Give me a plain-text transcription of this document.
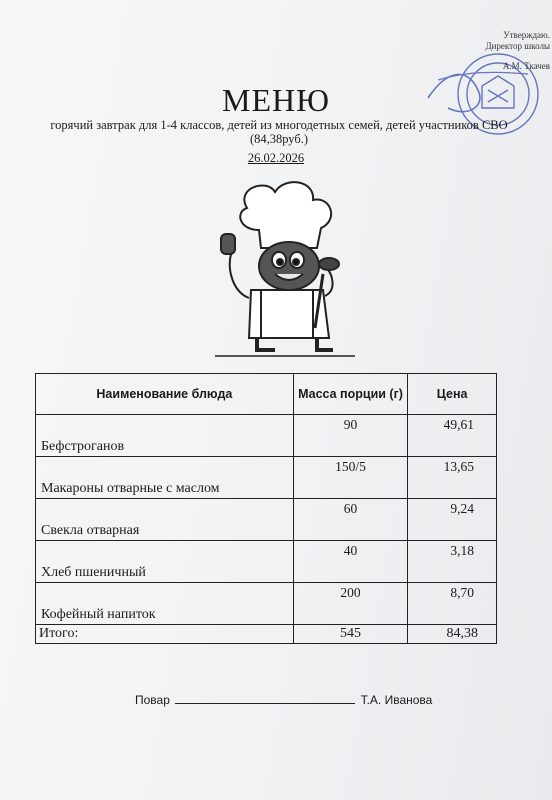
Утверждаю.
Директор школы
А.М. Ткачев
МЕНЮ
горячий завтрак для 1-4 классов, детей из многодетных семей, детей участников СВО (84,38руб.)
26.02.2026
Наименование блюда	Масса порции (г)	Цена
Бефстроганов	90	49,61
Макароны отварные с маслом	150/5	13,65
Свекла отварная	60	9,24
Хлеб пшеничный	40	3,18
Кофейный напиток	200	8,70
Итого:	545	84,38
Повар	Т.А. Иванова
